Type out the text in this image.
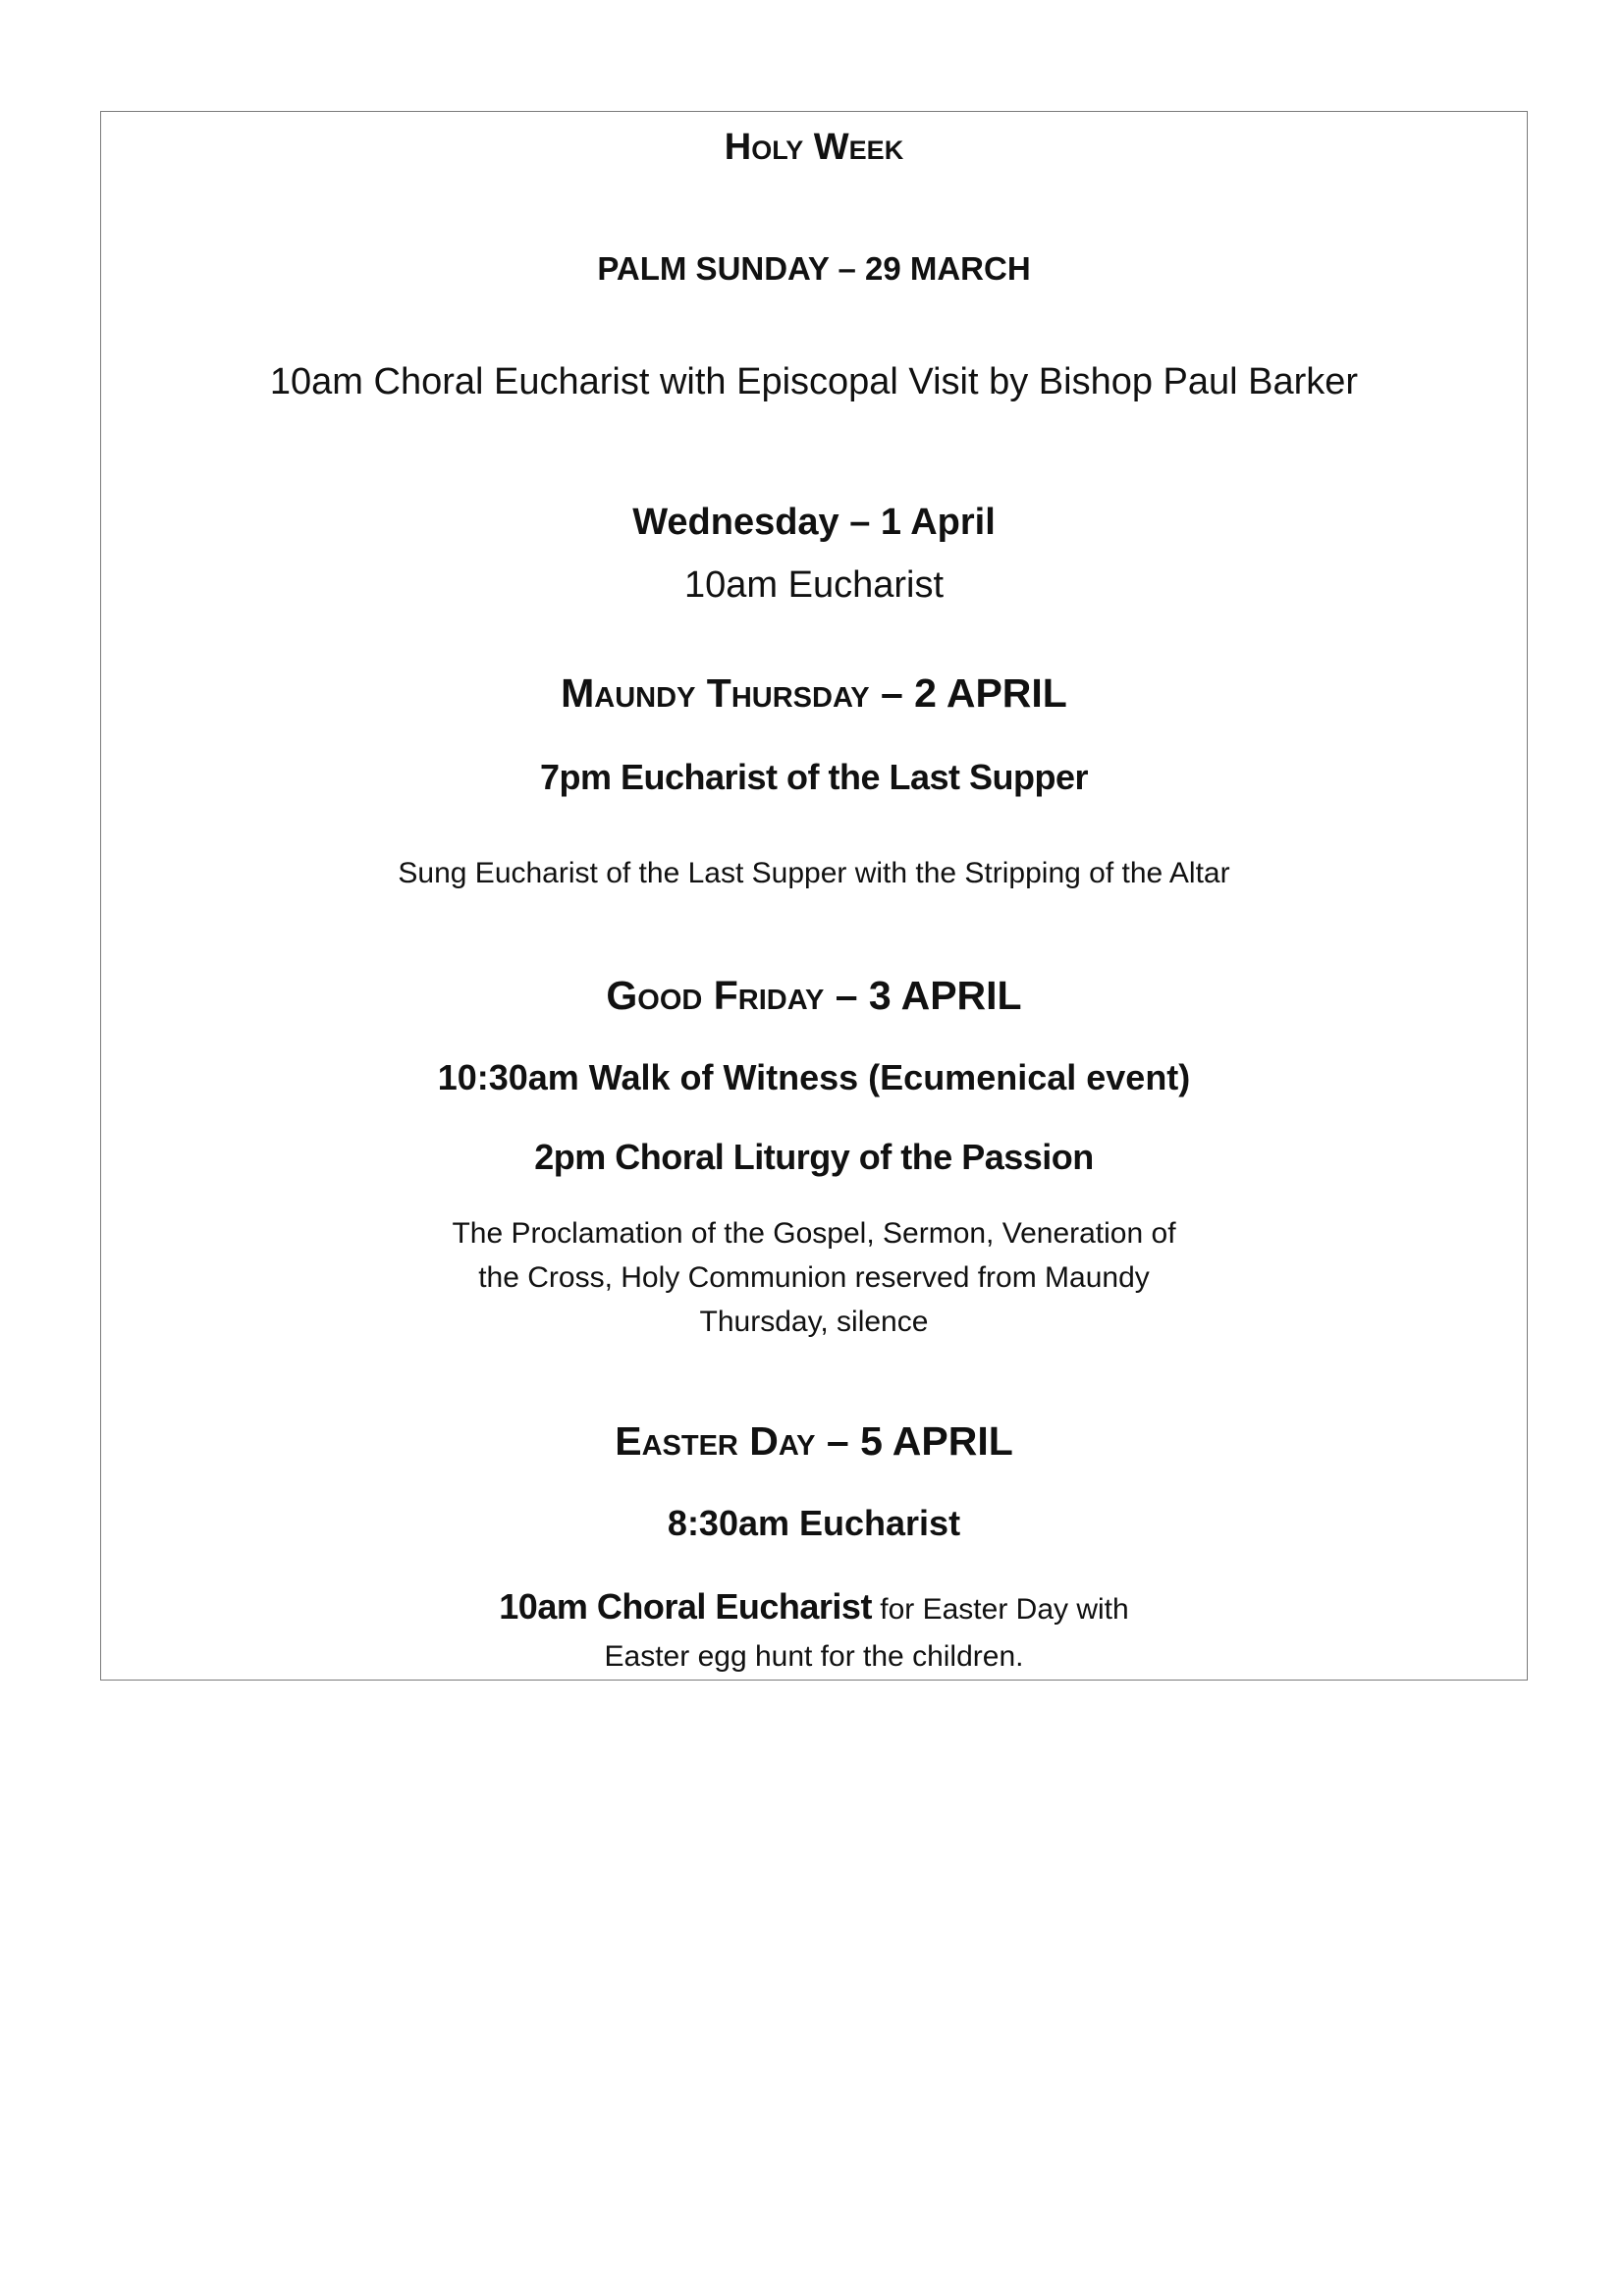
Holy Week
PALM SUNDAY – 29 MARCH
10am Choral Eucharist with Episcopal Visit by Bishop Paul Barker
Wednesday – 1 April
10am Eucharist
Maundy Thursday – 2 APRIL
7pm Eucharist of the Last Supper
Sung Eucharist of the Last Supper with the Stripping of the Altar
Good Friday – 3 APRIL
10:30am Walk of Witness (Ecumenical event)
2pm Choral Liturgy of the Passion
The Proclamation of the Gospel, Sermon, Veneration of
the Cross, Holy Communion reserved from Maundy
Thursday, silence
Easter Day – 5 APRIL
8:30am Eucharist
10am Choral Eucharist for Easter Day with
Easter egg hunt for the children.
